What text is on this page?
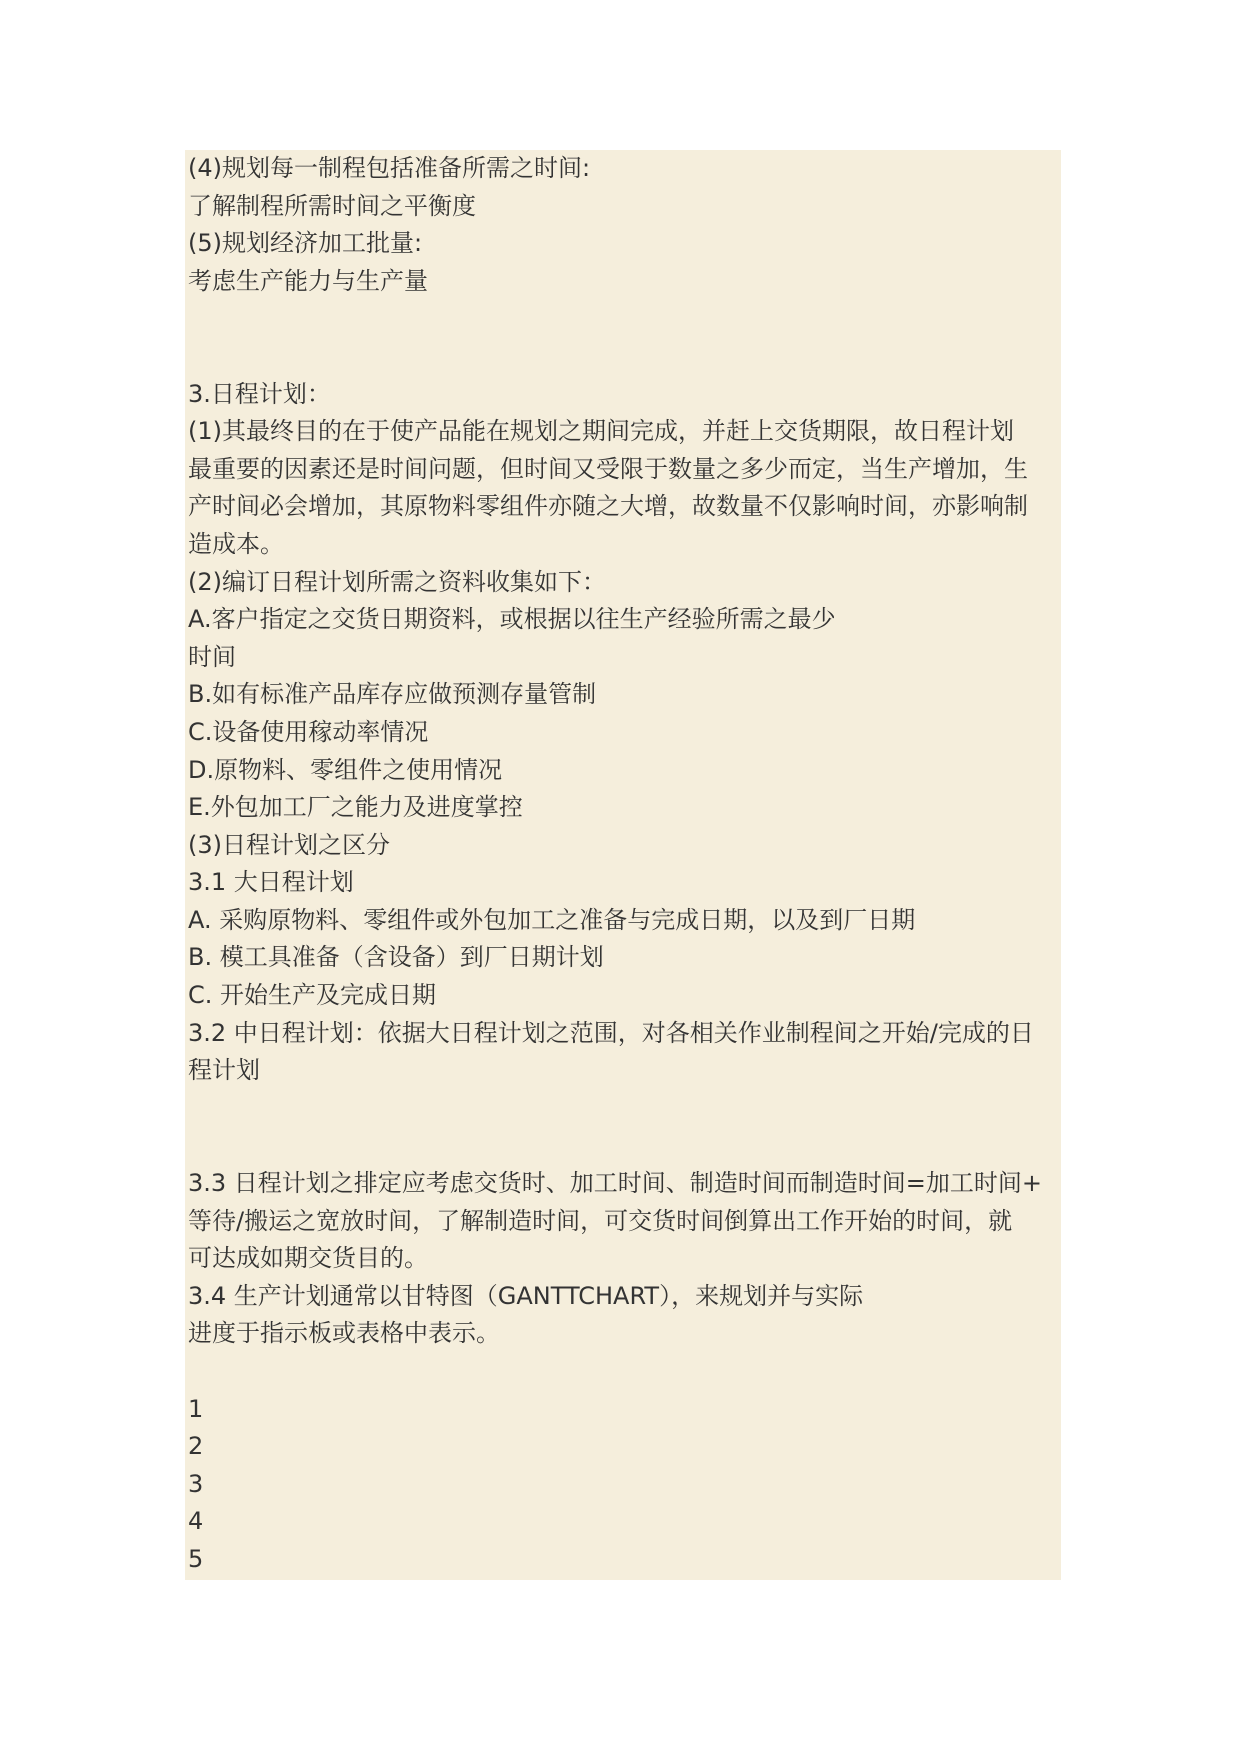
(4)规划每一制程包括准备所需之时间:
了解制程所需时间之平衡度
(5)规划经济加工批量:
考虑生产能力与生产量
3.日程计划：
(1)其最终目的在于使产品能在规划之期间完成，并赶上交货期限，故日程计划
最重要的因素还是时间问题，但时间又受限于数量之多少而定，当生产增加，生
产时间必会增加，其原物料零组件亦随之大增，故数量不仅影响时间，亦影响制
造成本。
(2)编订日程计划所需之资料收集如下：
A.客户指定之交货日期资料，或根据以往生产经验所需之最少
时间
B.如有标准产品库存应做预测存量管制
C.设备使用稼动率情况
D.原物料、零组件之使用情况
E.外包加工厂之能力及进度掌控
(3)日程计划之区分
3.1 大日程计划
A. 采购原物料、零组件或外包加工之准备与完成日期，以及到厂日期
B. 模工具准备（含设备）到厂日期计划
C. 开始生产及完成日期
3.2 中日程计划：依据大日程计划之范围，对各相关作业制程间之开始/完成的日
程计划
3.3 日程计划之排定应考虑交货时、加工时间、制造时间而制造时间=加工时间+
等待/搬运之宽放时间，了解制造时间，可交货时间倒算出工作开始的时间，就
可达成如期交货目的。
3.4 生产计划通常以甘特图（GANTTCHART），来规划并与实际
进度于指示板或表格中表示。
1
2
3
4
5
